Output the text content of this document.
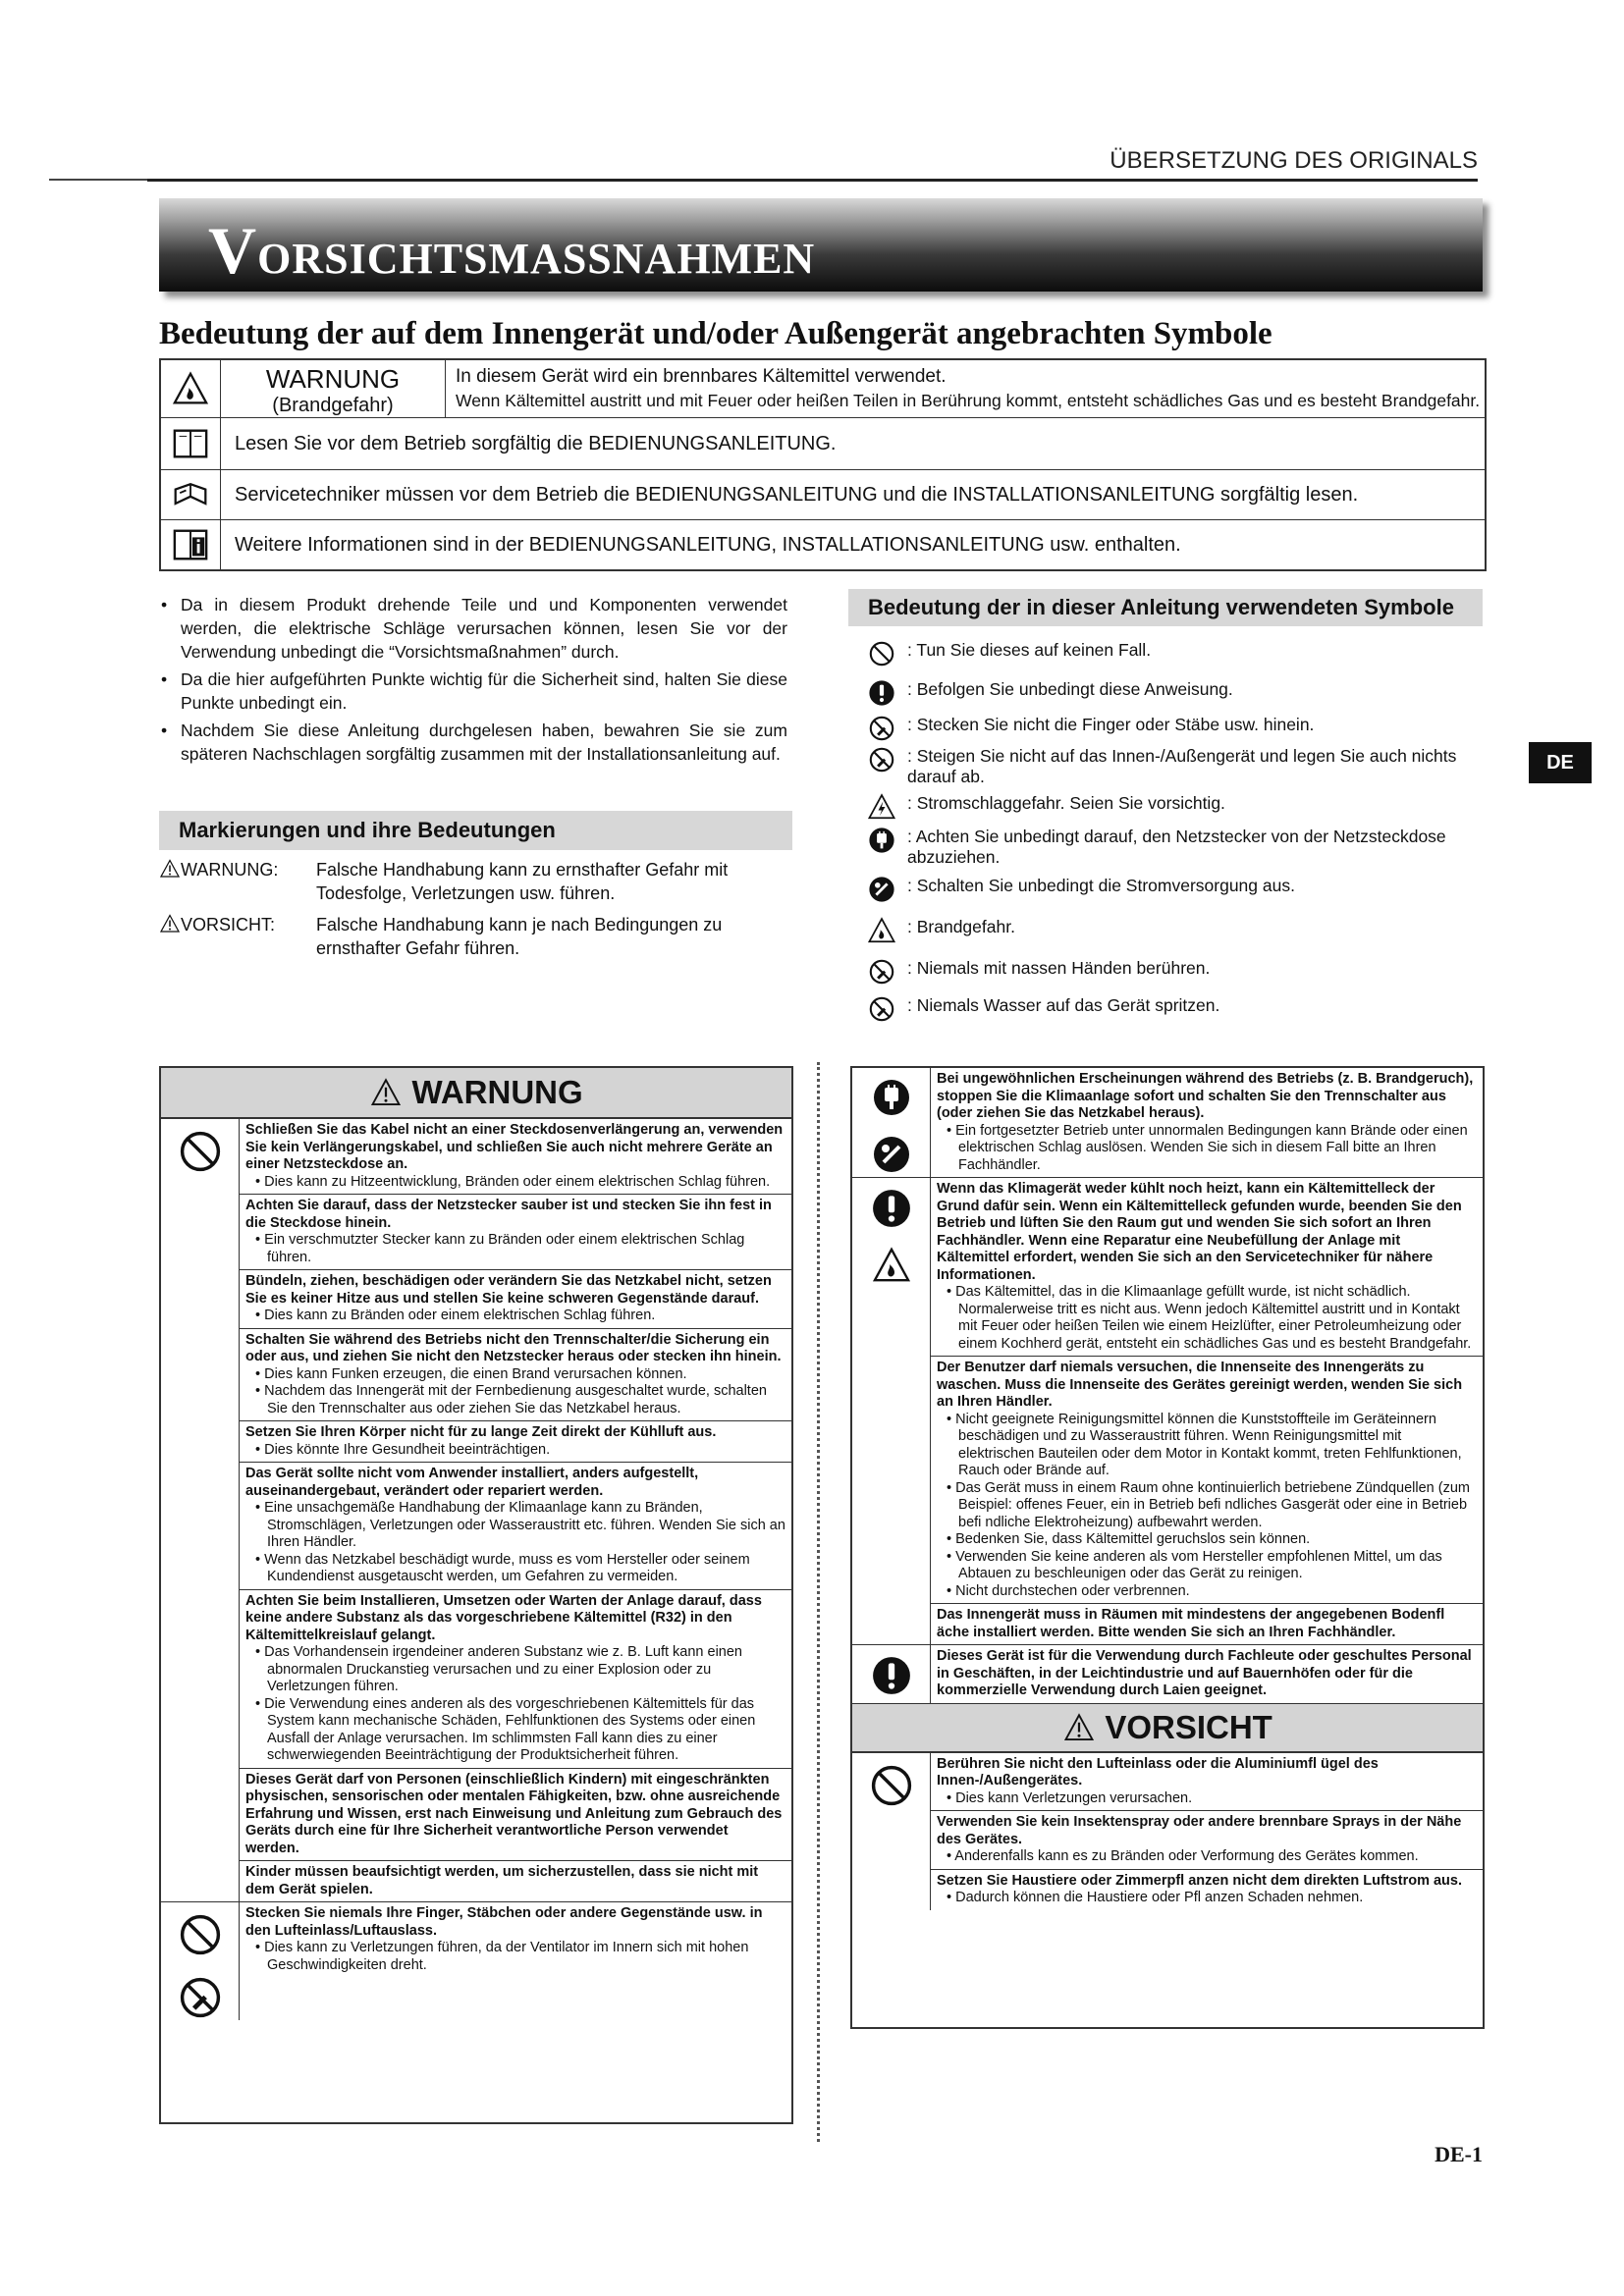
ÜBERSETZUNG DES ORIGINALS
VORSICHTSMASSNAHMEN
Bedeutung der auf dem Innengerät und/oder Außengerät angebrachten Symbole
WARNUNG
(Brandgefahr)
In diesem Gerät wird ein brennbares Kältemittel verwendet.
Wenn Kältemittel austritt und mit Feuer oder heißen Teilen in Berührung kommt, entsteht schädliches Gas und es besteht Brandgefahr.
Lesen Sie vor dem Betrieb sorgfältig die BEDIENUNGSANLEITUNG.
Servicetechniker müssen vor dem Betrieb die BEDIENUNGSANLEITUNG und die INSTALLATIONSANLEITUNG sorgfältig lesen.
Weitere Informationen sind in der BEDIENUNGSANLEITUNG, INSTALLATIONSANLEITUNG usw. enthalten.
• Da in diesem Produkt drehende Teile und und Komponenten verwendet werden, die elektrische Schläge verursachen können, lesen Sie vor der Verwendung unbedingt die “Vorsichtsmaßnahmen” durch.
• Da die hier aufgeführten Punkte wichtig für die Sicherheit sind, halten Sie diese Punkte unbedingt ein.
• Nachdem Sie diese Anleitung durchgelesen haben, bewahren Sie sie zum späteren Nachschlagen sorgfältig zusammen mit der Installationsanleitung auf.
Markierungen und ihre Bedeutungen
WARNUNG:	Falsche Handhabung kann zu ernsthafter Gefahr mit Todesfolge, Verletzungen usw. führen.
VORSICHT:	Falsche Handhabung kann je nach Bedingungen zu ernsthafter Gefahr führen.
Bedeutung der in dieser Anleitung verwendeten Symbole
: Tun Sie dieses auf keinen Fall.
: Befolgen Sie unbedingt diese Anweisung.
: Stecken Sie nicht die Finger oder Stäbe usw. hinein.
: Steigen Sie nicht auf das Innen-/Außengerät und legen Sie auch nichts darauf ab.
: Stromschlaggefahr. Seien Sie vorsichtig.
: Achten Sie unbedingt darauf, den Netzstecker von der Netzsteckdose abzuziehen.
: Schalten Sie unbedingt die Stromversorgung aus.
: Brandgefahr.
: Niemals mit nassen Händen berühren.
: Niemals Wasser auf das Gerät spritzen.
DE
WARNUNG
Schließen Sie das Kabel nicht an einer Steckdosenverlängerung an, verwenden Sie kein Verlängerungskabel, und schließen Sie auch nicht mehrere Geräte an einer Netzsteckdose an.
• Dies kann zu Hitzeentwicklung, Bränden oder einem elektrischen Schlag führen.
Achten Sie darauf, dass der Netzstecker sauber ist und stecken Sie ihn fest in die Steckdose hinein.
• Ein verschmutzter Stecker kann zu Bränden oder einem elektrischen Schlag führen.
Bündeln, ziehen, beschädigen oder verändern Sie das Netzkabel nicht, setzen Sie es keiner Hitze aus und stellen Sie keine schweren Gegenstände darauf.
• Dies kann zu Bränden oder einem elektrischen Schlag führen.
Schalten Sie während des Betriebs nicht den Trennschalter/die Sicherung ein oder aus, und ziehen Sie nicht den Netzstecker heraus oder stecken ihn hinein.
• Dies kann Funken erzeugen, die einen Brand verursachen können.
• Nachdem das Innengerät mit der Fernbedienung ausgeschaltet wurde, schalten Sie den Trennschalter aus oder ziehen Sie das Netzkabel heraus.
Setzen Sie Ihren Körper nicht für zu lange Zeit direkt der Kühlluft aus.
• Dies könnte Ihre Gesundheit beeinträchtigen.
Das Gerät sollte nicht vom Anwender installiert, anders aufgestellt, auseinandergebaut, verändert oder repariert werden.
• Eine unsachgemäße Handhabung der Klimaanlage kann zu Bränden, Stromschlägen, Verletzungen oder Wasseraustritt etc. führen. Wenden Sie sich an Ihren Händler.
• Wenn das Netzkabel beschädigt wurde, muss es vom Hersteller oder seinem Kundendienst ausgetauscht werden, um Gefahren zu vermeiden.
Achten Sie beim Installieren, Umsetzen oder Warten der Anlage darauf, dass keine andere Substanz als das vorgeschriebene Kältemittel (R32) in den Kältemittelkreislauf gelangt.
• Das Vorhandensein irgendeiner anderen Substanz wie z. B. Luft kann einen abnormalen Druckanstieg verursachen und zu einer Explosion oder zu Verletzungen führen.
• Die Verwendung eines anderen als des vorgeschriebenen Kältemittels für das System kann mechanische Schäden, Fehlfunktionen des Systems oder einen Ausfall der Anlage verursachen. Im schlimmsten Fall kann dies zu einer schwerwiegenden Beeinträchtigung der Produktsicherheit führen.
Dieses Gerät darf von Personen (einschließlich Kindern) mit eingeschränkten physischen, sensorischen oder mentalen Fähigkeiten, bzw. ohne ausreichende Erfahrung und Wissen, erst nach Einweisung und Anleitung zum Gebrauch des Geräts durch eine für Ihre Sicherheit verantwortliche Person verwendet werden.
Kinder müssen beaufsichtigt werden, um sicherzustellen, dass sie nicht mit dem Gerät spielen.
Stecken Sie niemals Ihre Finger, Stäbchen oder andere Gegenstände usw. in den Lufteinlass/Luftauslass.
• Dies kann zu Verletzungen führen, da der Ventilator im Innern sich mit hohen Geschwindigkeiten dreht.
Bei ungewöhnlichen Erscheinungen während des Betriebs (z. B. Brandgeruch), stoppen Sie die Klimaanlage sofort und schalten Sie den Trennschalter aus (oder ziehen Sie das Netzkabel heraus).
• Ein fortgesetzter Betrieb unter unnormalen Bedingungen kann Brände oder einen elektrischen Schlag auslösen. Wenden Sie sich in diesem Fall bitte an Ihren Fachhändler.
Wenn das Klimagerät weder kühlt noch heizt, kann ein Kältemittelleck der Grund dafür sein. Wenn ein Kältemittelleck gefunden wurde, beenden Sie den Betrieb und lüften Sie den Raum gut und wenden Sie sich sofort an Ihren Fachhändler. Wenn eine Reparatur eine Neubefüllung der Anlage mit Kältemittel erfordert, wenden Sie sich an den Servicetechniker für nähere Informationen.
• Das Kältemittel, das in die Klimaanlage gefüllt wurde, ist nicht schädlich. Normalerweise tritt es nicht aus. Wenn jedoch Kältemittel austritt und in Kontakt mit Feuer oder heißen Teilen wie einem Heizlüfter, einer Petroleumheizung oder einem Kochherd gerät, entsteht ein schädliches Gas und es besteht Brandgefahr.
Der Benutzer darf niemals versuchen, die Innenseite des Innengeräts zu waschen. Muss die Innenseite des Gerätes gereinigt werden, wenden Sie sich an Ihren Händler.
• Nicht geeignete Reinigungsmittel können die Kunststoffteile im Geräteinnern beschädigen und zu Wasseraustritt führen. Wenn Reinigungsmittel mit elektrischen Bauteilen oder dem Motor in Kontakt kommt, treten Fehlfunktionen, Rauch oder Brände auf.
• Das Gerät muss in einem Raum ohne kontinuierlich betriebene Zündquellen (zum Beispiel: offenes Feuer, ein in Betrieb befi ndliches Gasgerät oder eine in Betrieb befi ndliche Elektroheizung) aufbewahrt werden.
• Bedenken Sie, dass Kältemittel geruchslos sein können.
• Verwenden Sie keine anderen als vom Hersteller empfohlenen Mittel, um das Abtauen zu beschleunigen oder das Gerät zu reinigen.
• Nicht durchstechen oder verbrennen.
Das Innengerät muss in Räumen mit mindestens der angegebenen Bodenfl äche installiert werden. Bitte wenden Sie sich an Ihren Fachhändler.
Dieses Gerät ist für die Verwendung durch Fachleute oder geschultes Personal in Geschäften, in der Leichtindustrie und auf Bauernhöfen oder für die kommerzielle Verwendung durch Laien geeignet.
VORSICHT
Berühren Sie nicht den Lufteinlass oder die Aluminiumfl ügel des Innen-/Außengerätes.
• Dies kann Verletzungen verursachen.
Verwenden Sie kein Insektenspray oder andere brennbare Sprays in der Nähe des Gerätes.
• Anderenfalls kann es zu Bränden oder Verformung des Gerätes kommen.
Setzen Sie Haustiere oder Zimmerpfl anzen nicht dem direkten Luftstrom aus.
• Dadurch können die Haustiere oder Pfl anzen Schaden nehmen.
DE-1
